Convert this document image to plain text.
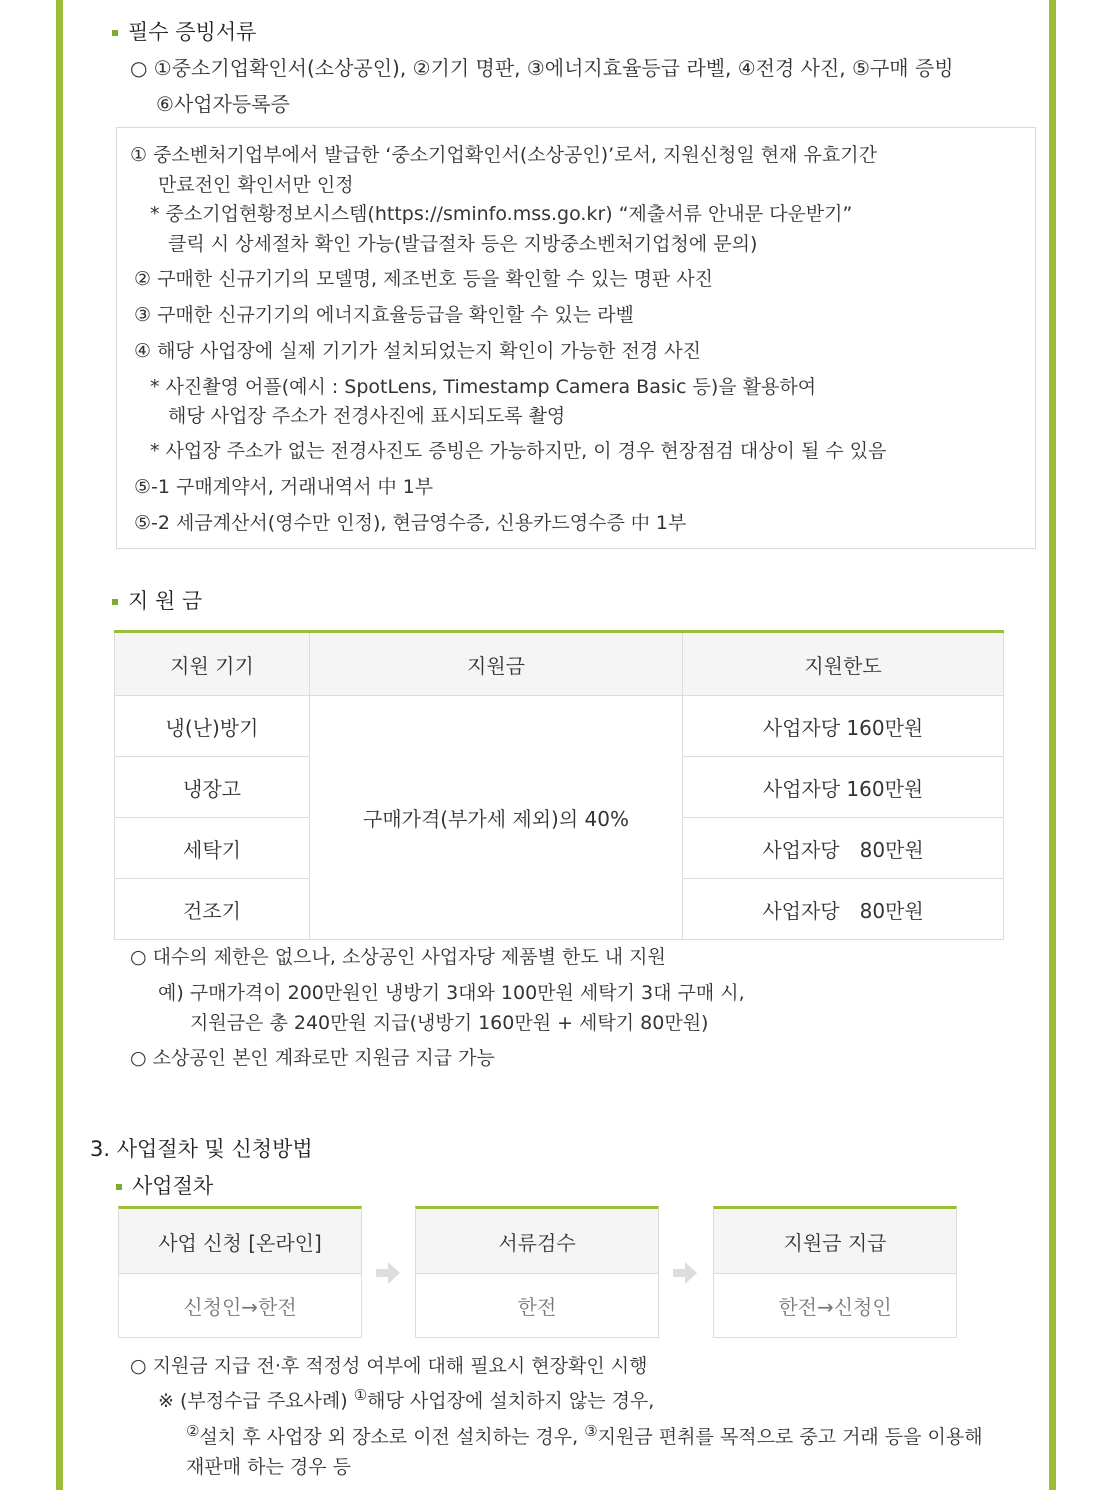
필수 증빙서류
○ ①중소기업확인서(소상공인), ②기기 명판, ③에너지효율등급 라벨, ④전경 사진, ⑤구매 증빙
⑥사업자등록증
① 중소벤처기업부에서 발급한 ‘중소기업확인서(소상공인)’로서, 지원신청일 현재 유효기간
만료전인 확인서만 인정
* 중소기업현황정보시스템(https://sminfo.mss.go.kr) “제출서류 안내문 다운받기”
클릭 시 상세절차 확인 가능(발급절차 등은 지방중소벤처기업청에 문의)
② 구매한 신규기기의 모델명, 제조번호 등을 확인할 수 있는 명판 사진
③ 구매한 신규기기의 에너지효율등급을 확인할 수 있는 라벨
④ 해당 사업장에 실제 기기가 설치되었는지 확인이 가능한 전경 사진
* 사진촬영 어플(예시 : SpotLens, Timestamp Camera Basic 등)을 활용하여
해당 사업장 주소가 전경사진에 표시되도록 촬영
* 사업장 주소가 없는 전경사진도 증빙은 가능하지만, 이 경우 현장점검 대상이 될 수 있음
⑤-1 구매계약서, 거래내역서 中 1부
⑤-2 세금계산서(영수만 인정), 현금영수증, 신용카드영수증 中 1부
지 원 금
지원 기기	지원금	지원한도
냉(난)방기	구매가격(부가세 제외)의 40%	사업자당 160만원
냉장고		사업자당 160만원
세탁기		사업자당　80만원
건조기		사업자당　80만원
○ 대수의 제한은 없으나, 소상공인 사업자당 제품별 한도 내 지원
예) 구매가격이 200만원인 냉방기 3대와 100만원 세탁기 3대 구매 시,
지원금은 총 240만원 지급(냉방기 160만원 + 세탁기 80만원)
○ 소상공인 본인 계좌로만 지원금 지급 가능
3. 사업절차 및 신청방법
사업절차
사업 신청 [온라인]
신청인→한전
서류검수
한전
지원금 지급
한전→신청인
○ 지원금 지급 전·후 적정성 여부에 대해 필요시 현장확인 시행
※ (부정수급 주요사례) ①해당 사업장에 설치하지 않는 경우,
②설치 후 사업장 외 장소로 이전 설치하는 경우, ③지원금 편취를 목적으로 중고 거래 등을 이용해
재판매 하는 경우 등
